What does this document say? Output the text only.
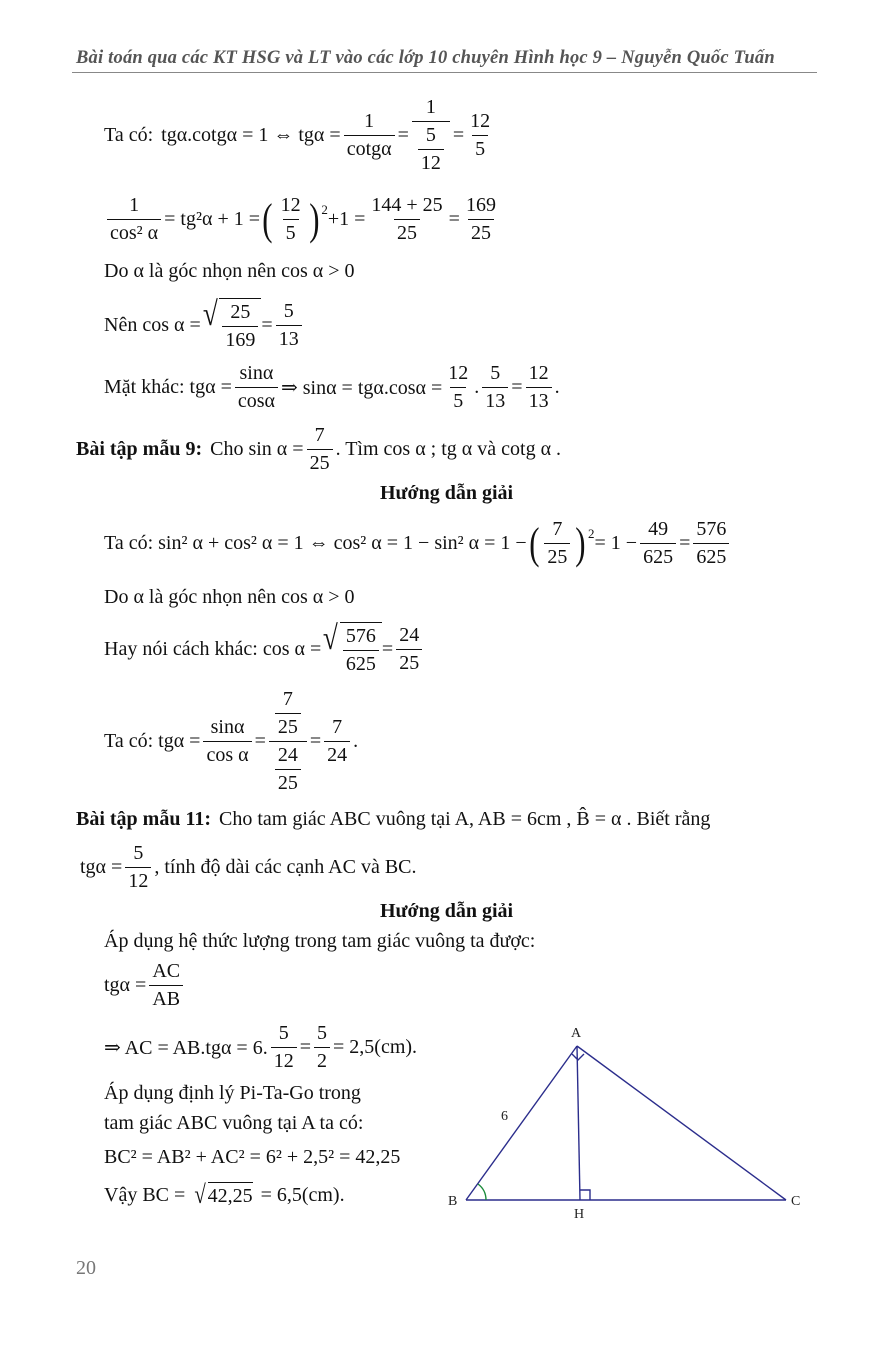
Bài toán qua các KT HSG và LT vào các lớp 10 chuyên Hình học 9 – Nguyễn Quốc Tuấn
Ta có: tgα.cotgα = 1 ⇔ $tg\alpha = \frac{1}{\cot g\alpha} = \frac{1}{\frac{5}{12}} = \frac{12}{5}$
$\frac{1}{\text{cos² α}} = tg^2\alpha + 1$ = ( $\frac{12}{5}$ ) $2 +1 = \frac{144 + 25}{25} = \frac{169}{25}$
Do α là góc nhọn nên cos α > 0
Nên cos α = √ $\frac{25}{169} = \frac{5}{13}$
Mặt khác: $tg\alpha = \frac{\sin\alpha}{\cos\alpha}$ ⇒ $\sin\alpha = tg\alpha.\cos\alpha = \frac{12}{5}$ . $\frac{5}{13} = \frac{12}{13}$ .
Bài tập mẫu 9: Cho $\sin \alpha = \frac{7}{25}$ . Tìm cos α ; tg α và cotg α .
Hướng dẫn giải
Ta có: sin² α + cos² α = 1 ⇔ cos² α = 1 − sin² α = 1 − ( $\frac{7}{25}$ ) $2 = 1 - \frac{49}{625} = \frac{576}{625}$
Do α là góc nhọn nên cos α > 0
Hay nói cách khác: cos α = √ $\frac{576}{625} = \frac{24}{25}$
Ta có: $tg\alpha = \frac{\sin\alpha}{\text{cos α}} = \frac{\frac{7}{25}}{\frac{24}{25}} = \frac{7}{24}$ .
Bài tập mẫu 11: Cho tam giác ABC vuông tại A, AB = 6cm , B̂ = α . Biết rằng
$tg\alpha = \frac{5}{12}$ , tính độ dài các cạnh AC và BC.
Hướng dẫn giải
Áp dụng hệ thức lượng trong tam giác vuông ta được:
$tg\alpha = \frac{AC}{AB}$
⇒ AC = AB.tgα = 6. $\frac{5}{12} = \frac{5}{2} = 2,5(cm)$.
Áp dụng định lý Pi-Ta-Go trong
tam giác ABC vuông tại A ta có:
BC² = AB² + AC² = 6² + 2,5² = 42,25
Vậy BC = √ 42,25 = 6,5(cm).
A
B	C
H
6
20
